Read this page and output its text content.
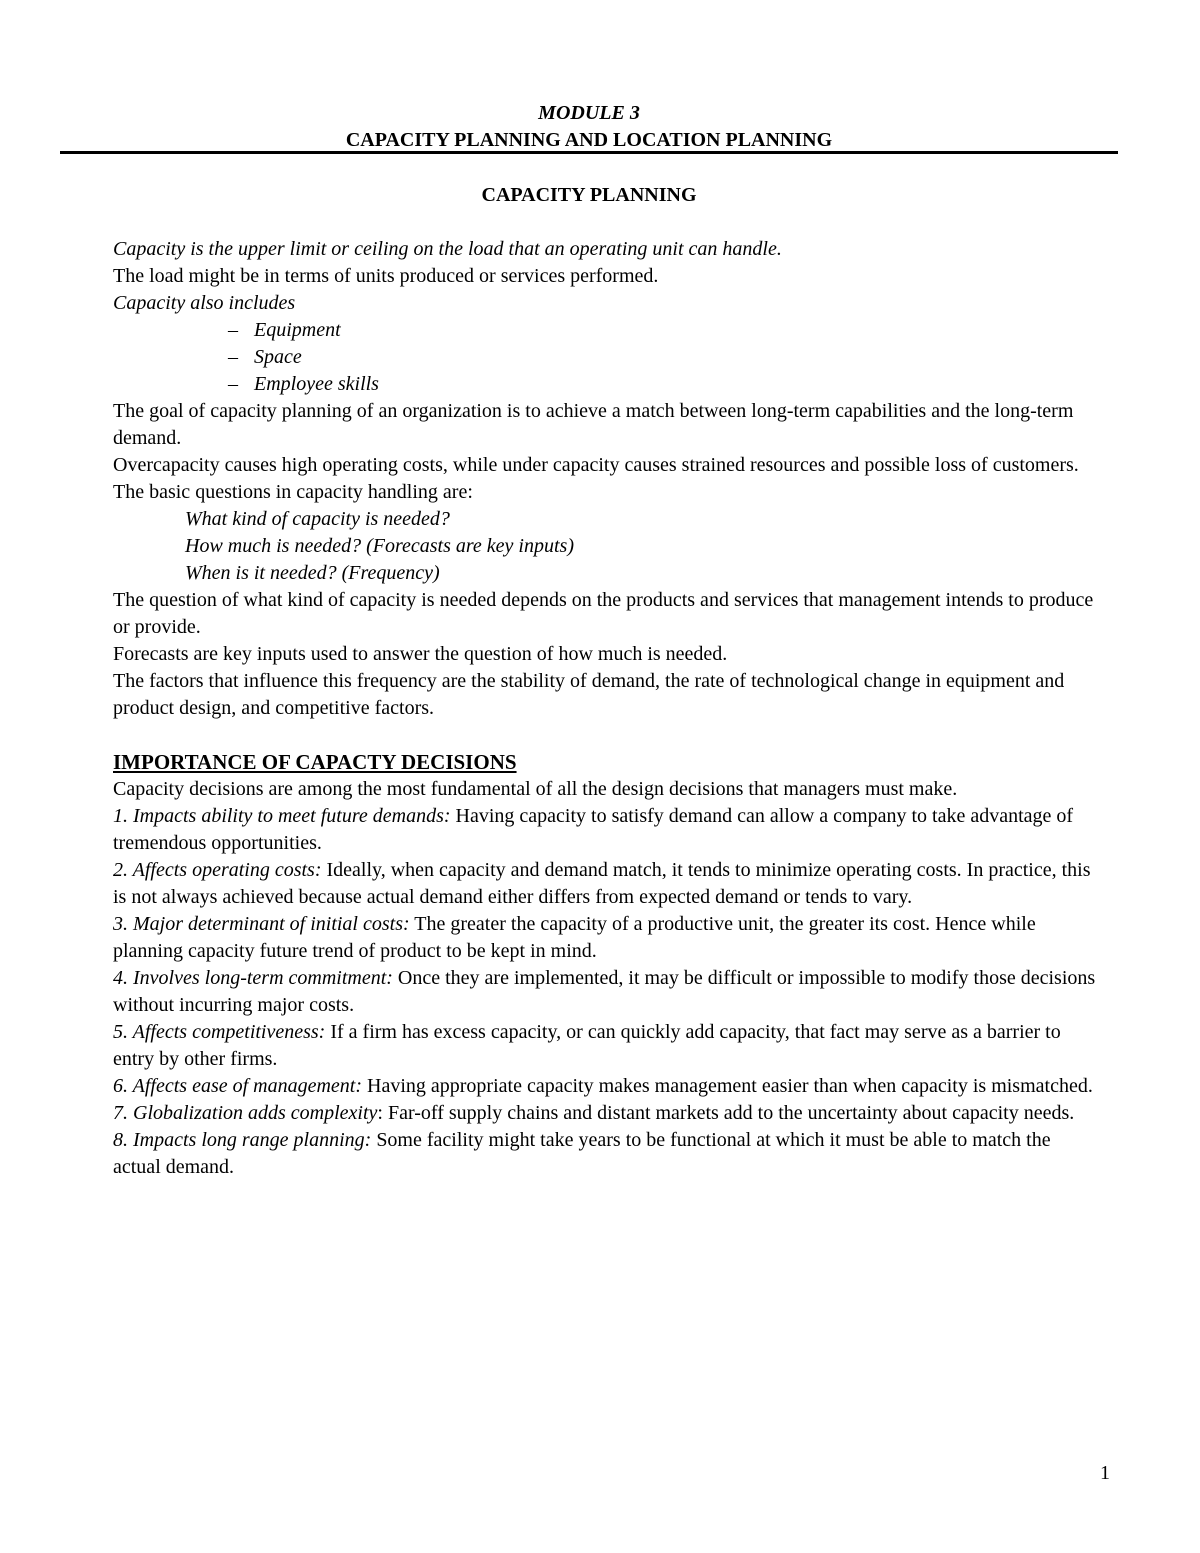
MODULE 3
CAPACITY PLANNING AND LOCATION PLANNING
CAPACITY PLANNING

Capacity is the upper limit or ceiling on the load that an operating unit can handle.

The load might be in terms of units produced or services performed.

Capacity also includes

– Equipment

– Space

– Employee skills

The goal of capacity planning of an organization is to achieve a match between long-term capabilities and the long-term demand.

Overcapacity causes high operating costs, while under capacity causes strained resources and possible loss of customers.

The basic questions in capacity handling are:

What kind of capacity is needed?

How much is needed? (Forecasts are key inputs)

When is it needed? (Frequency)

The question of what kind of capacity is needed depends on the products and services that management intends to produce or provide.

Forecasts are key inputs used to answer the question of how much is needed.

The factors that influence this frequency are the stability of demand, the rate of technological change in equipment and product design, and competitive factors.

IMPORTANCE OF CAPACTY DECISIONS

Capacity decisions are among the most fundamental of all the design decisions that managers must make.

1. Impacts ability to meet future demands: Having capacity to satisfy demand can allow a company to take advantage of tremendous opportunities.

2. Affects operating costs: Ideally, when capacity and demand match, it tends to minimize operating costs. In practice, this is not always achieved because actual demand either differs from expected demand or tends to vary.

3. Major determinant of initial costs: The greater the capacity of a productive unit, the greater its cost. Hence while planning capacity future trend of product to be kept in mind.

4. Involves long-term commitment: Once they are implemented, it may be difficult or impossible to modify those decisions without incurring major costs.

5. Affects competitiveness: If a firm has excess capacity, or can quickly add capacity, that fact may serve as a barrier to entry by other firms.

6. Affects ease of management: Having appropriate capacity makes management easier than when capacity is mismatched.

7. Globalization adds complexity: Far-off supply chains and distant markets add to the uncertainty about capacity needs.

8. Impacts long range planning: Some facility might take years to be functional at which it must be able to match the actual demand.

1
